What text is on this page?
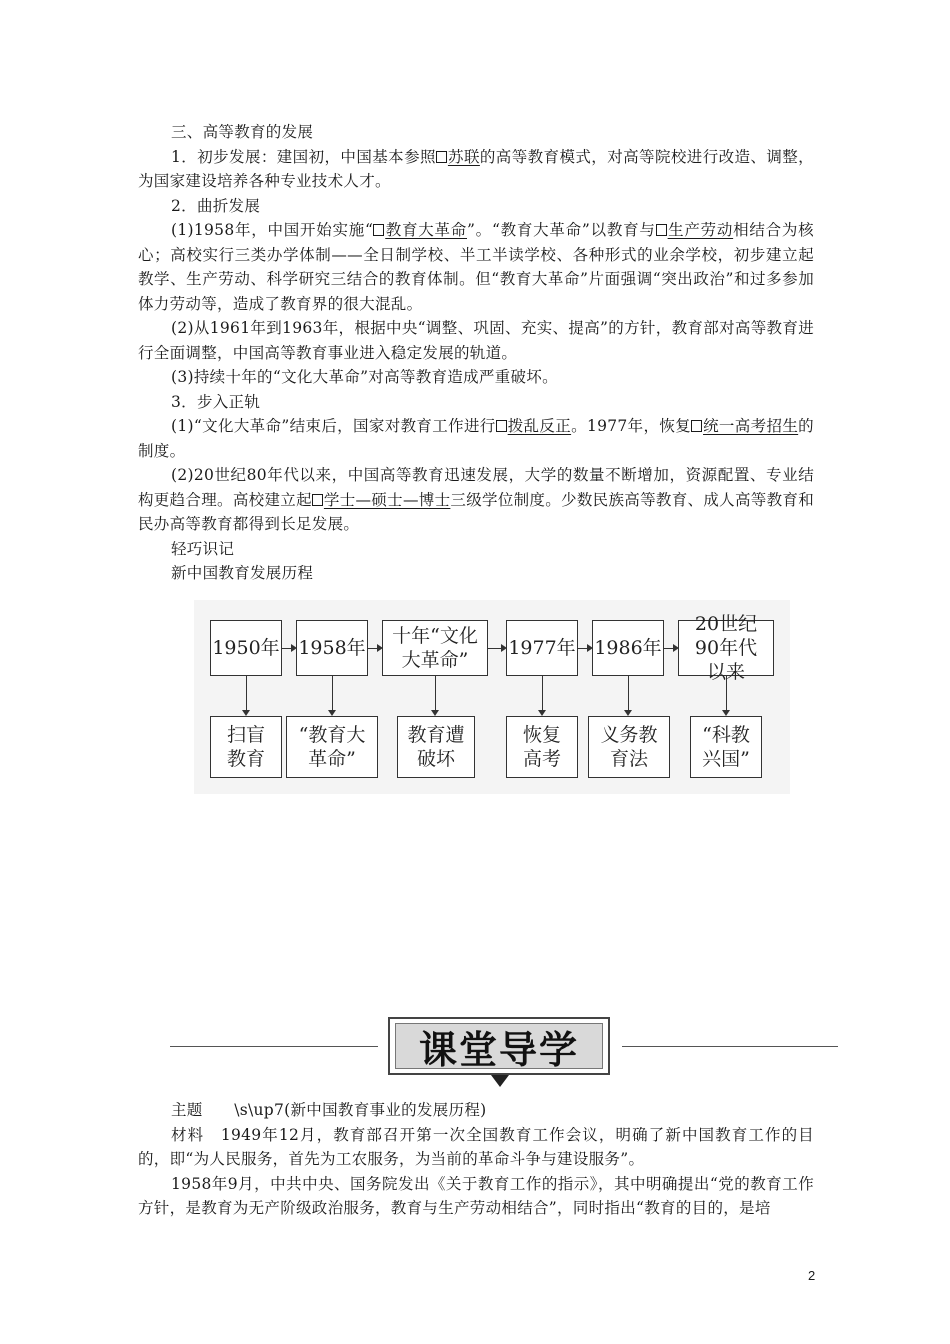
三、高等教育的发展

1．初步发展：建国初，中国基本参照 苏联的高等教育模式，对高等院校进行改造、调整，为国家建设培养各种专业技术人才。

2．曲折发展

(1)1958年，中国开始实施“ 教育大革命”。“教育大革命”以教育与 生产劳动相结合为核心；高校实行三类办学体制——全日制学校、半工半读学校、各种形式的业余学校，初步建立起教学、生产劳动、科学研究三结合的教育体制。但“教育大革命”片面强调“突出政治”和过多参加体力劳动等，造成了教育界的很大混乱。

(2)从1961年到1963年，根据中央“调整、巩固、充实、提高”的方针，教育部对高等教育进行全面调整，中国高等教育事业进入稳定发展的轨道。

(3)持续十年的“文化大革命”对高等教育造成严重破坏。

3．步入正轨

(1)“文化大革命”结束后，国家对教育工作进行 拨乱反正。1977年，恢复 统一高考招生的制度。

(2)20世纪80年代以来，中国高等教育迅速发展，大学的数量不断增加，资源配置、专业结构更趋合理。高校建立起 学士—硕士—博士三级学位制度。少数民族高等教育、成人高等教育和民办高等教育都得到长足发展。

轻巧识记

新中国教育发展历程

1950年 1958年
十年“文化大革命”
1977年 1986年
20世纪90年代以来
扫盲教育
“教育大革命”
教育遭破坏
恢复高考
义务教育法
“科教兴国”
课堂导学

主题　　\s\up7(新中国教育事业的发展历程)

材料　1949年12月，教育部召开第一次全国教育工作会议，明确了新中国教育工作的目的，即“为人民服务，首先为工农服务，为当前的革命斗争与建设服务”。

1958年9月，中共中央、国务院发出《关于教育工作的指示》，其中明确提出“党的教育工作方针，是教育为无产阶级政治服务，教育与生产劳动相结合”，同时指出“教育的目的，是培

2
